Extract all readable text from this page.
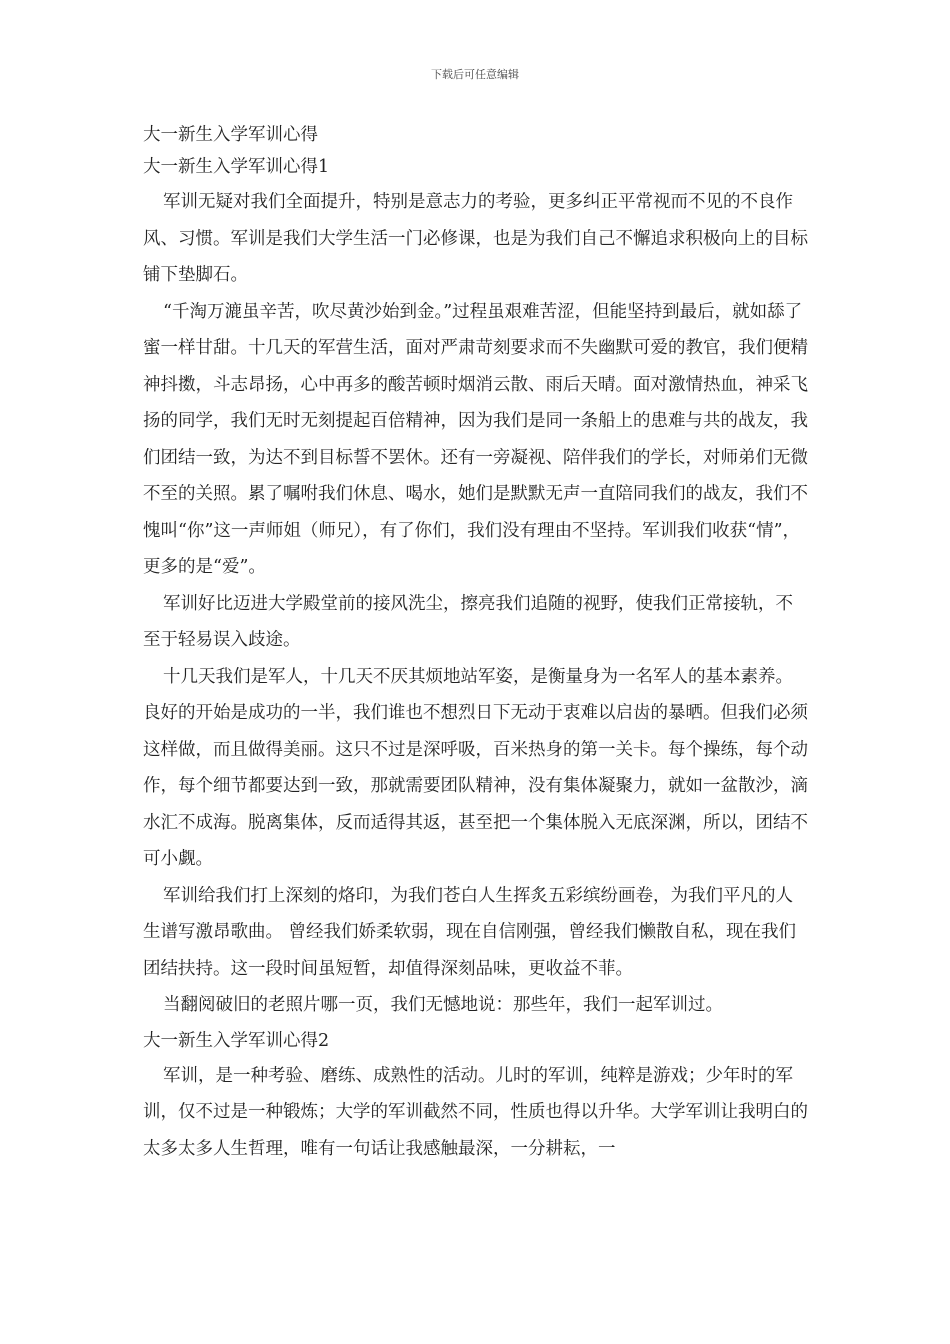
下载后可任意编辑
大一新生入学军训心得
大一新生入学军训心得1

军训无疑对我们全面提升，特别是意志力的考验，更多纠正平常视而不见的不良作风、习惯。军训是我们大学生活一门必修课，也是为我们自己不懈追求积极向上的目标铺下垫脚石。

“千淘万漉虽辛苦，吹尽黄沙始到金。”过程虽艰难苦涩，但能坚持到最后，就如舔了蜜一样甘甜。十几天的军营生活，面对严肃苛刻要求而不失幽默可爱的教官，我们便精神抖擞，斗志昂扬，心中再多的酸苦顿时烟消云散、雨后天晴。面对激情热血，神采飞扬的同学，我们无时无刻提起百倍精神，因为我们是同一条船上的患难与共的战友，我们团结一致，为达不到目标誓不罢休。还有一旁凝视、陪伴我们的学长，对师弟们无微不至的关照。累了嘱咐我们休息、喝水，她们是默默无声一直陪同我们的战友，我们不愧叫“你”这一声师姐（师兄），有了你们，我们没有理由不坚持。军训我们收获“情”，更多的是“爱”。

军训好比迈进大学殿堂前的接风洗尘，擦亮我们追随的视野，使我们正常接轨，不至于轻易误入歧途。

十几天我们是军人，十几天不厌其烦地站军姿，是衡量身为一名军人的基本素养。良好的开始是成功的一半，我们谁也不想烈日下无动于衷难以启齿的暴晒。但我们必须这样做，而且做得美丽。这只不过是深呼吸，百米热身的第一关卡。每个操练，每个动作，每个细节都要达到一致，那就需要团队精神，没有集体凝聚力，就如一盆散沙，滴水汇不成海。脱离集体，反而适得其返，甚至把一个集体脱入无底深渊，所以，团结不可小觑。

军训给我们打上深刻的烙印，为我们苍白人生挥炙五彩缤纷画卷，为我们平凡的人生谱写激昂歌曲。 曾经我们娇柔软弱，现在自信刚强，曾经我们懒散自私，现在我们团结扶持。这一段时间虽短暂，却值得深刻品味，更收益不菲。

当翻阅破旧的老照片哪一页，我们无憾地说：那些年，我们一起军训过。

大一新生入学军训心得2

军训，是一种考验、磨练、成熟性的活动。儿时的军训，纯粹是游戏；少年时的军训，仅不过是一种锻炼；大学的军训截然不同，性质也得以升华。大学军训让我明白的太多太多人生哲理，唯有一句话让我感触最深，一分耕耘，一
